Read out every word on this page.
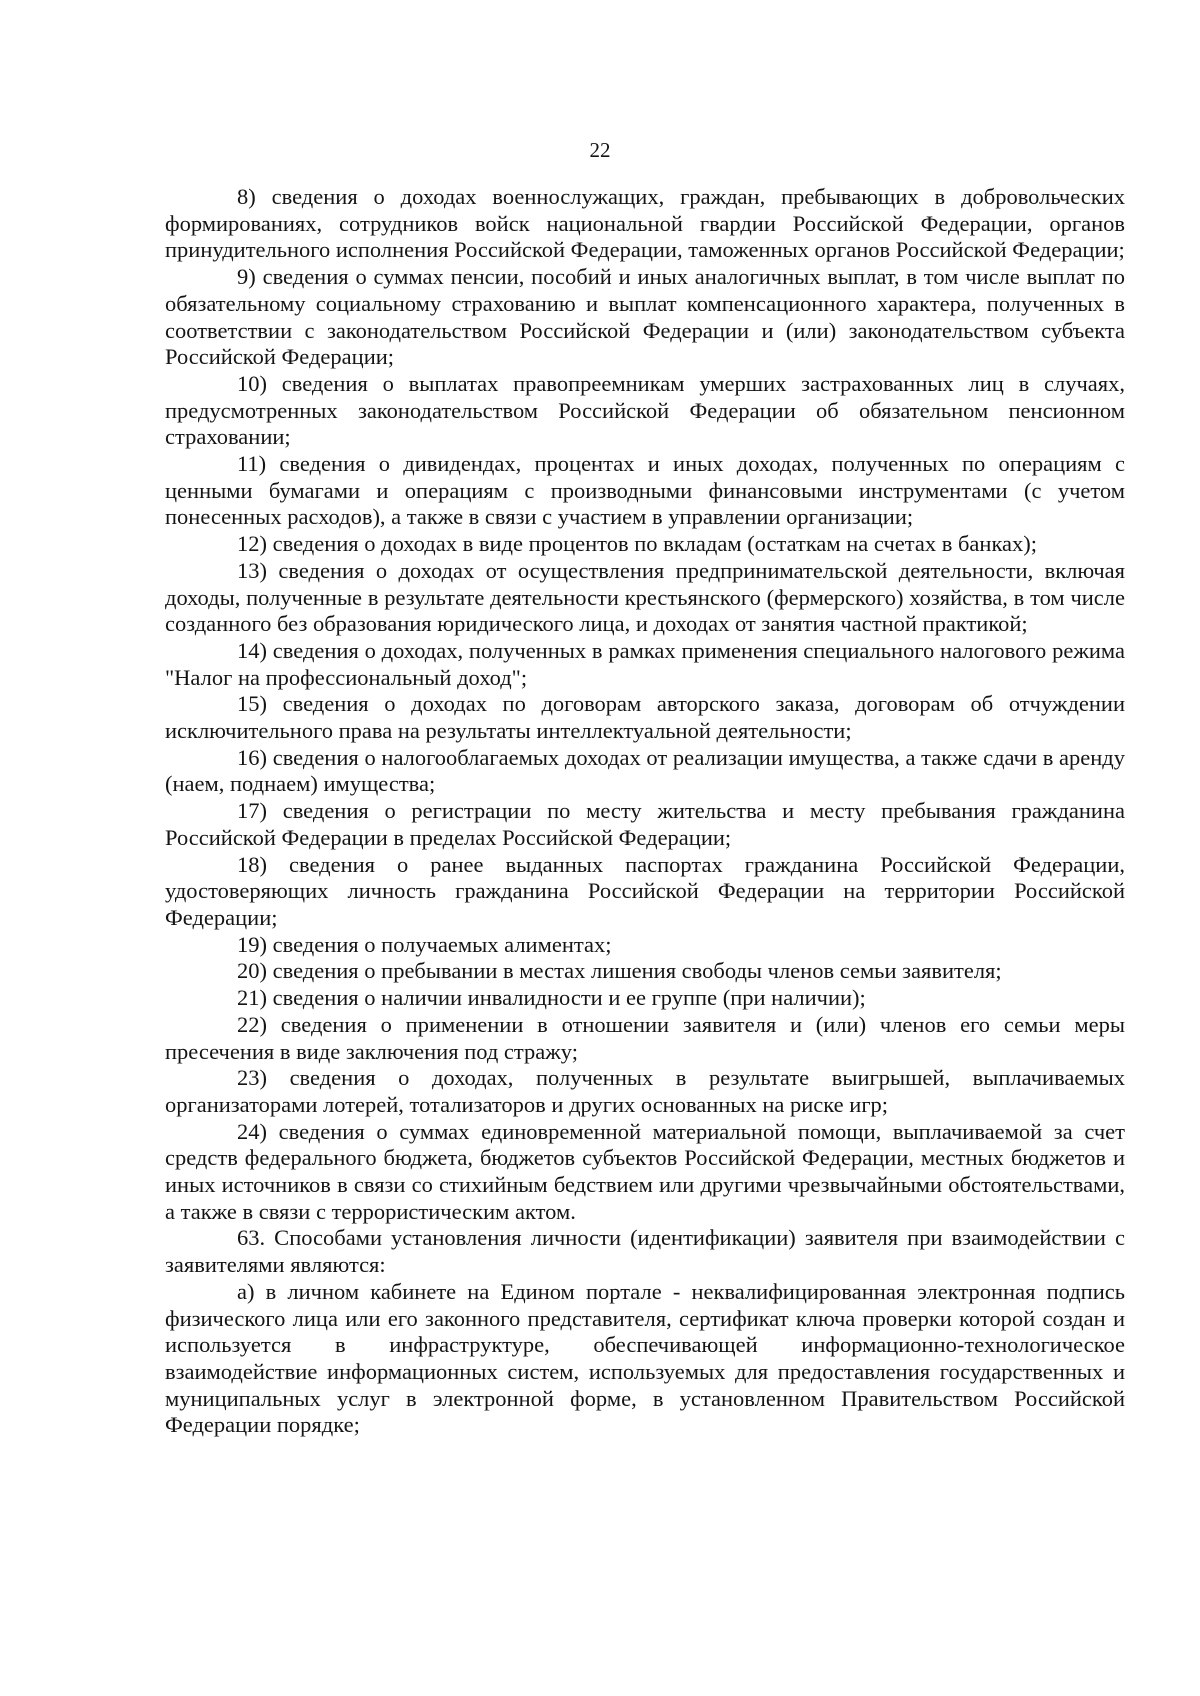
22

8) сведения о доходах военнослужащих, граждан, пребывающих в добровольческих формированиях, сотрудников войск национальной гвардии Российской Федерации, органов принудительного исполнения Российской Федерации, таможенных органов Российской Федерации;

9) сведения о суммах пенсии, пособий и иных аналогичных выплат, в том числе выплат по обязательному социальному страхованию и выплат компенсационного характера, полученных в соответствии с законодательством Российской Федерации и (или) законодательством субъекта Российской Федерации;

10) сведения о выплатах правопреемникам умерших застрахованных лиц в случаях, предусмотренных законодательством Российской Федерации об обязательном пенсионном страховании;

11) сведения о дивидендах, процентах и иных доходах, полученных по операциям с ценными бумагами и операциям с производными финансовыми инструментами (с учетом понесенных расходов), а также в связи с участием в управлении организации;

12) сведения о доходах в виде процентов по вкладам (остаткам на счетах в банках);

13) сведения о доходах от осуществления предпринимательской деятельности, включая доходы, полученные в результате деятельности крестьянского (фермерского) хозяйства, в том числе созданного без образования юридического лица, и доходах от занятия частной практикой;

14) сведения о доходах, полученных в рамках применения специального налогового режима "Налог на профессиональный доход";

15) сведения о доходах по договорам авторского заказа, договорам об отчуждении исключительного права на результаты интеллектуальной деятельности;

16) сведения о налогооблагаемых доходах от реализации имущества, а также сдачи в аренду (наем, поднаем) имущества;

17) сведения о регистрации по месту жительства и месту пребывания гражданина Российской Федерации в пределах Российской Федерации;

18) сведения о ранее выданных паспортах гражданина Российской Федерации, удостоверяющих личность гражданина Российской Федерации на территории Российской Федерации;

19) сведения о получаемых алиментах;

20) сведения о пребывании в местах лишения свободы членов семьи заявителя;

21) сведения о наличии инвалидности и ее группе (при наличии);

22) сведения о применении в отношении заявителя и (или) членов его семьи меры пресечения в виде заключения под стражу;

23) сведения о доходах, полученных в результате выигрышей, выплачиваемых организаторами лотерей, тотализаторов и других основанных на риске игр;

24) сведения о суммах единовременной материальной помощи, выплачиваемой за счет средств федерального бюджета, бюджетов субъектов Российской Федерации, местных бюджетов и иных источников в связи со стихийным бедствием или другими чрезвычайными обстоятельствами, а также в связи с террористическим актом.

63. Способами установления личности (идентификации) заявителя при взаимодействии с заявителями являются:

а) в личном кабинете на Едином портале - неквалифицированная электронная подпись физического лица или его законного представителя, сертификат ключа проверки которой создан и используется в инфраструктуре, обеспечивающей информационно-технологическое взаимодействие информационных систем, используемых для предоставления государственных и муниципальных услуг в электронной форме, в установленном Правительством Российской Федерации порядке;
